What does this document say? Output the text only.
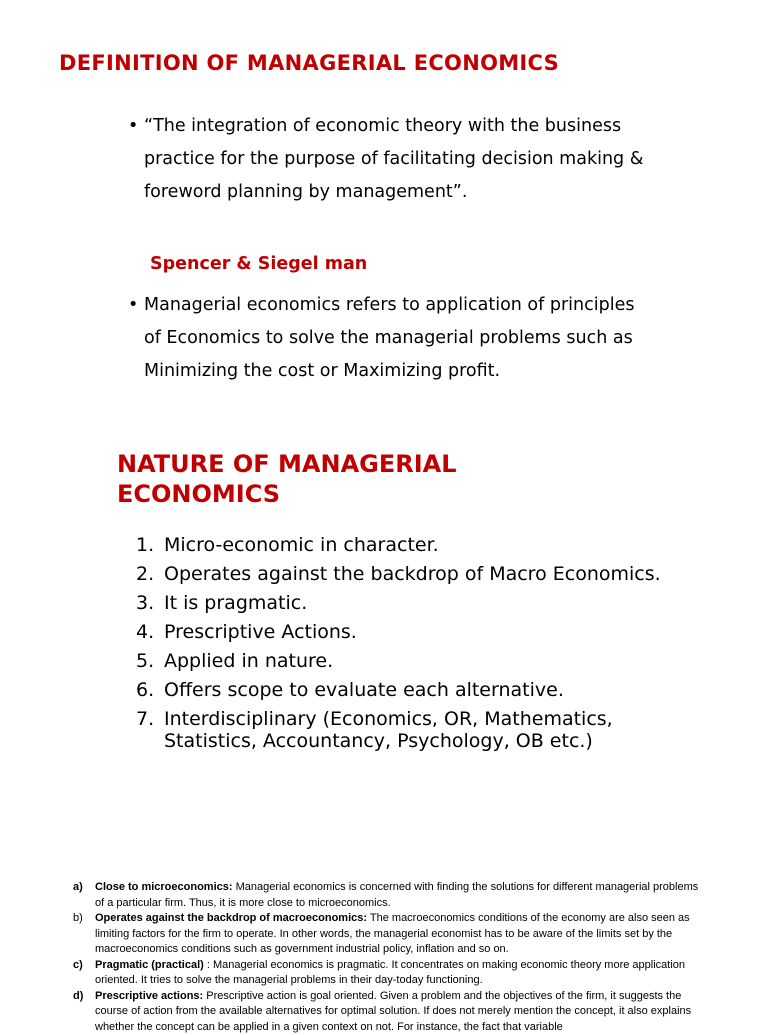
DEFINITION OF MANAGERIAL ECONOMICS
• “The integration of economic theory with the business practice for the purpose of facilitating decision making & foreword planning by management”.
Spencer & Siegel man
• Managerial economics refers to application of principles of Economics to solve the managerial problems such as Minimizing the cost or Maximizing profit.
NATURE OF MANAGERIAL ECONOMICS
1. Micro-economic in character.
2. Operates against the backdrop of Macro Economics.
3. It is pragmatic.
4. Prescriptive Actions.
5. Applied in nature.
6. Offers scope to evaluate each alternative.
7. Interdisciplinary (Economics, OR, Mathematics, Statistics, Accountancy, Psychology, OB etc.)
a) Close to microeconomics: Managerial economics is concerned with finding the solutions for different managerial problems of a particular firm. Thus, it is more close to microeconomics.
b) Operates against the backdrop of macroeconomics: The macroeconomics conditions of the economy are also seen as limiting factors for the firm to operate. In other words, the managerial economist has to be aware of the limits set by the macroeconomics conditions such as government industrial policy, inflation and so on.
c) Pragmatic (practical) : Managerial economics is pragmatic. It concentrates on making economic theory more application oriented. It tries to solve the managerial problems in their day-today functioning.
d) Prescriptive actions: Prescriptive action is goal oriented. Given a problem and the objectives of the firm, it suggests the course of action from the available alternatives for optimal solution. If does not merely mention the concept, it also explains whether the concept can be applied in a given context on not. For instance, the fact that variable
